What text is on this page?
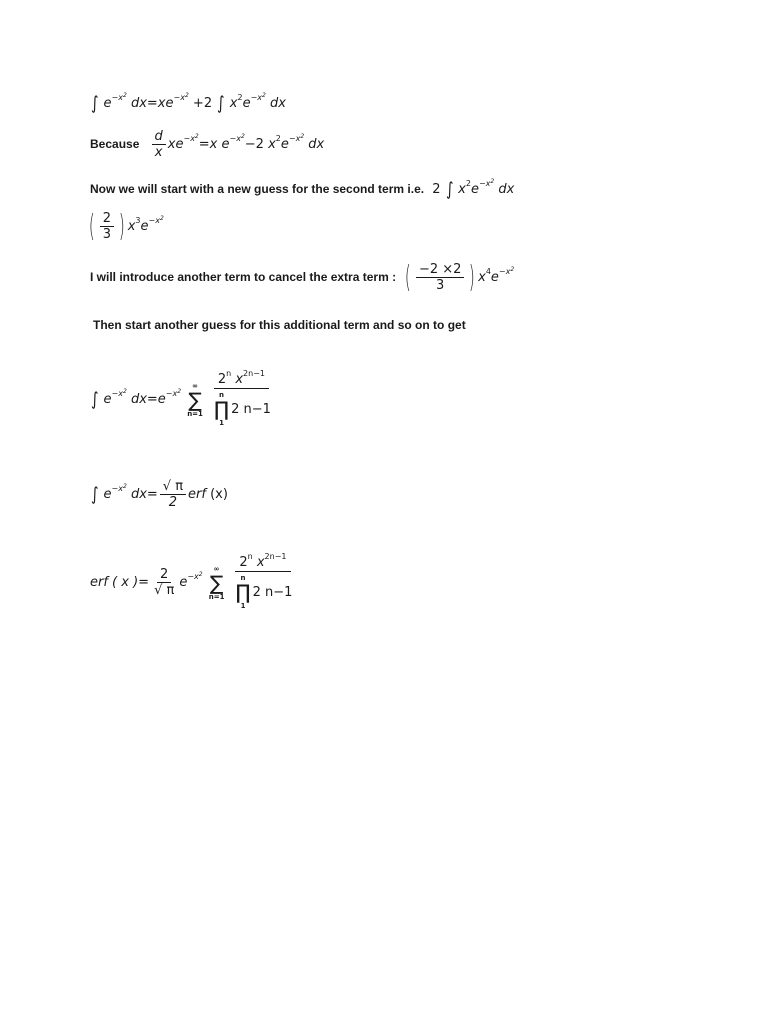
∫ $e^{-x^2}$ $dx=xe^{-x^2} +2$ ∫ $x^2e^{-x^2}$ dx
Because $\frac{d}{x} xe^{-x^2}=x$ $e^{-x^2}-2$ $x^2e^{-x^2}$ dx
Now we will start with a new guess for the second term i.e. 2 ∫ $x^2e^{-x^2}$ dx
( $\frac{2}{3}$ ) $x^3e^{-x^2}$
I will introduce another term to cancel the extra term : ( $\frac{-2 \times 2}{3}$ ) $x^4e^{-x^2}$
Then start another guess for this additional term and so on to get
∫ $e^{-x^2}$ $dx=e^{-x^2}$
∞
∑
n=1 2$^n$ $x^{2n-1}$
n
∏
1
2 n−1
∫ $e^{-x^2}$ $dx= \frac{√ \pi}{2}$ erf (x)
erf ( x )= $\frac{2}{√ \pi} e^{-x^2}$
∞
∑
n=1 2$^n$ $x^{2n-1}$
n
∏
1
2 n−1
